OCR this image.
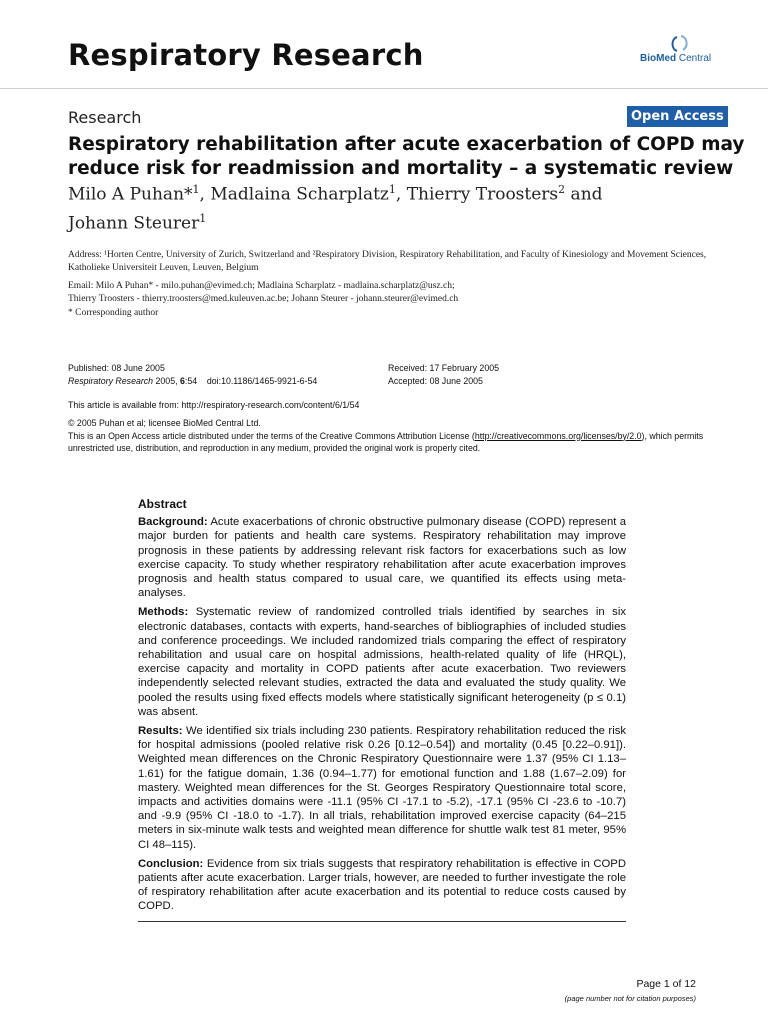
Respiratory Research	BioMed Central
Research	Open Access
Respiratory rehabilitation after acute exacerbation of COPD may reduce risk for readmission and mortality – a systematic review
Milo A Puhan*$^1$, Madlaina Scharplatz$^1$, Thierry Troosters$^2$ and
Johann Steurer$^1$
Address: ¹Horten Centre, University of Zurich, Switzerland and ²Respiratory Division, Respiratory Rehabilitation, and Faculty of Kinesiology and Movement Sciences, Katholieke Universiteit Leuven, Leuven, Belgium
Email: Milo A Puhan* - milo.puhan@evimed.ch; Madlaina Scharplatz - madlaina.scharplatz@usz.ch;
Thierry Troosters - thierry.troosters@med.kuleuven.ac.be; Johann Steurer - johann.steurer@evimed.ch
* Corresponding author
Published: 08 June 2005
Respiratory Research 2005, 6:54    doi:10.1186/1465-9921-6-54
Received: 17 February 2005
Accepted: 08 June 2005
This article is available from: http://respiratory-research.com/content/6/1/54
© 2005 Puhan et al; licensee BioMed Central Ltd.
This is an Open Access article distributed under the terms of the Creative Commons Attribution License (http://creativecommons.org/licenses/by/2.0), which permits unrestricted use, distribution, and reproduction in any medium, provided the original work is properly cited.
Abstract

Background: Acute exacerbations of chronic obstructive pulmonary disease (COPD) represent a major burden for patients and health care systems. Respiratory rehabilitation may improve prognosis in these patients by addressing relevant risk factors for exacerbations such as low exercise capacity. To study whether respiratory rehabilitation after acute exacerbation improves prognosis and health status compared to usual care, we quantified its effects using meta-analyses.

Methods: Systematic review of randomized controlled trials identified by searches in six electronic databases, contacts with experts, hand-searches of bibliographies of included studies and conference proceedings. We included randomized trials comparing the effect of respiratory rehabilitation and usual care on hospital admissions, health-related quality of life (HRQL), exercise capacity and mortality in COPD patients after acute exacerbation. Two reviewers independently selected relevant studies, extracted the data and evaluated the study quality. We pooled the results using fixed effects models where statistically significant heterogeneity (p ≤ 0.1) was absent.

Results: We identified six trials including 230 patients. Respiratory rehabilitation reduced the risk for hospital admissions (pooled relative risk 0.26 [0.12–0.54]) and mortality (0.45 [0.22–0.91]). Weighted mean differences on the Chronic Respiratory Questionnaire were 1.37 (95% CI 1.13–1.61) for the fatigue domain, 1.36 (0.94–1.77) for emotional function and 1.88 (1.67–2.09) for mastery. Weighted mean differences for the St. Georges Respiratory Questionnaire total score, impacts and activities domains were -11.1 (95% CI -17.1 to -5.2), -17.1 (95% CI -23.6 to -10.7) and -9.9 (95% CI -18.0 to -1.7). In all trials, rehabilitation improved exercise capacity (64–215 meters in six-minute walk tests and weighted mean difference for shuttle walk test 81 meter, 95% CI 48–115).

Conclusion: Evidence from six trials suggests that respiratory rehabilitation is effective in COPD patients after acute exacerbation. Larger trials, however, are needed to further investigate the role of respiratory rehabilitation after acute exacerbation and its potential to reduce costs caused by COPD.

Page 1 of 12
(page number not for citation purposes)
